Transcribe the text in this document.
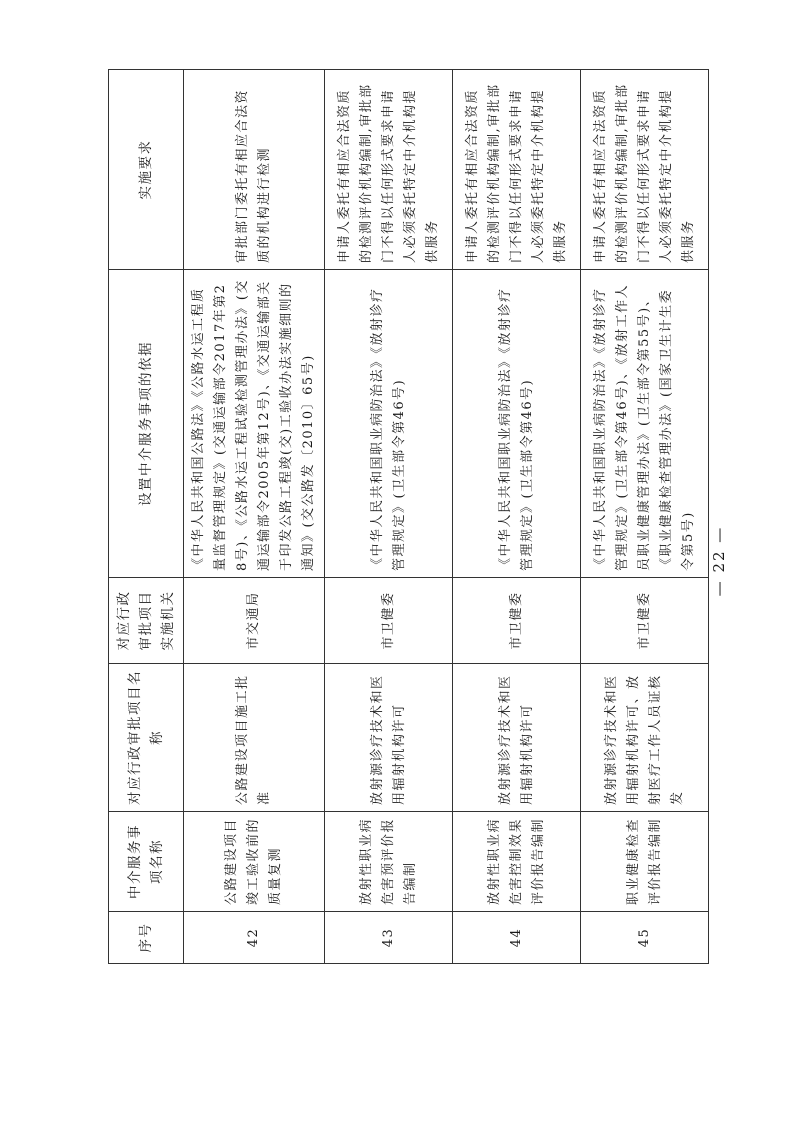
序号	中介服务事项名称	对应行政审批项目名称	对应行政审批项目实施机关	设置中介服务事项的依据	实施要求
42	公路建设项目竣工验收前的质量复测	公路建设项目施工批准	市交通局	《中华人民共和国公路法》《公路水运工程质量监督管理规定》(交通运输部令2017年第28号)、《公路水运工程试验检测管理办法》(交通运输部令2005年第12号)、《交通运输部关于印发公路工程竣(交)工验收办法实施细则的通知》(交公路发〔2010〕65号)	审批部门委托有相应合法资质的机构进行检测
43	放射性职业病危害预评价报告编制	放射源诊疗技术和医用辐射机构许可	市卫健委	《中华人民共和国职业病防治法》《放射诊疗管理规定》(卫生部令第46号)	申请人委托有相应合法资质的检测评价机构编制,审批部门不得以任何形式要求申请人必须委托特定中介机构提供服务
44	放射性职业病危害控制效果评价报告编制	放射源诊疗技术和医用辐射机构许可	市卫健委	《中华人民共和国职业病防治法》《放射诊疗管理规定》(卫生部令第46号)	申请人委托有相应合法资质的检测评价机构编制,审批部门不得以任何形式要求申请人必须委托特定中介机构提供服务
45	职业健康检查评价报告编制	放射源诊疗技术和医用辐射机构许可、放射医疗工作人员证核发	市卫健委	《中华人民共和国职业病防治法》《放射诊疗管理规定》(卫生部令第46号)、《放射工作人员职业健康管理办法》(卫生部令第55号)、《职业健康检查管理办法》(国家卫生计生委令第5号)	申请人委托有相应合法资质的检测评价机构编制,审批部门不得以任何形式要求申请人必须委托特定中介机构提供服务
— 22 —
